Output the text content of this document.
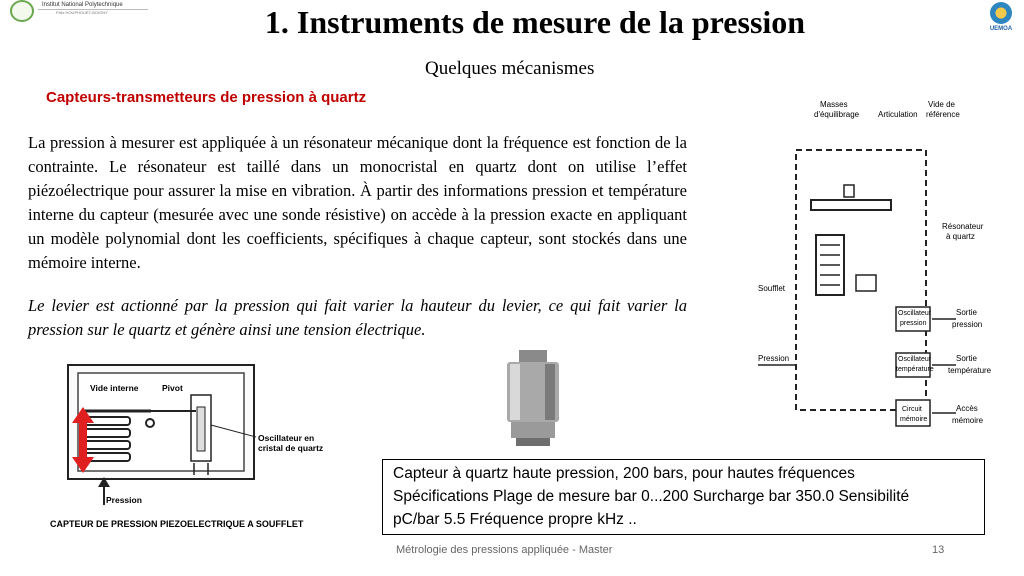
Institut National Polytechnique
Félix HOUPHOUËT-BOIGNY
UEMOA
1. Instruments de mesure de la pression
Quelques mécanismes
Capteurs-transmetteurs de pression à quartz

La pression à mesurer est appliquée à un résonateur mécanique dont la fréquence est fonction de la contrainte. Le résonateur est taillé dans un monocristal en quartz dont on utilise l’effet piézoélectrique pour assurer la mise en vibration. À partir des informations pression et température interne du capteur (mesurée avec une sonde résistive) on accède à la pression exacte en appliquant un modèle polynomial dont les coefficients, spécifiques à chaque capteur, sont stockés dans une mémoire interne.

Le levier est actionné par la pression qui fait varier la hauteur du levier, ce qui fait varier la pression sur le quartz et génère ainsi une tension électrique.

Vide interne	Pivot
Oscillateur en
cristal de quartz
Pression
CAPTEUR DE PRESSION PIEZOELECTRIQUE A SOUFFLET
Masses
d'équilibrage Articulation
Vide de
référence
Résonateur
à quartz
Soufflet
Oscillateur
pression
Sortie
pression
Pression	Oscillateur
température
Sortie
température
Circuit
mémoire
Accès
mémoire
Capteur à quartz haute pression, 200 bars, pour hautes fréquences
Spécifications Plage de mesure bar 0...200 Surcharge bar 350.0 Sensibilité
pC/bar 5.5 Fréquence propre kHz ..
Métrologie des pressions appliquée - Master	13
